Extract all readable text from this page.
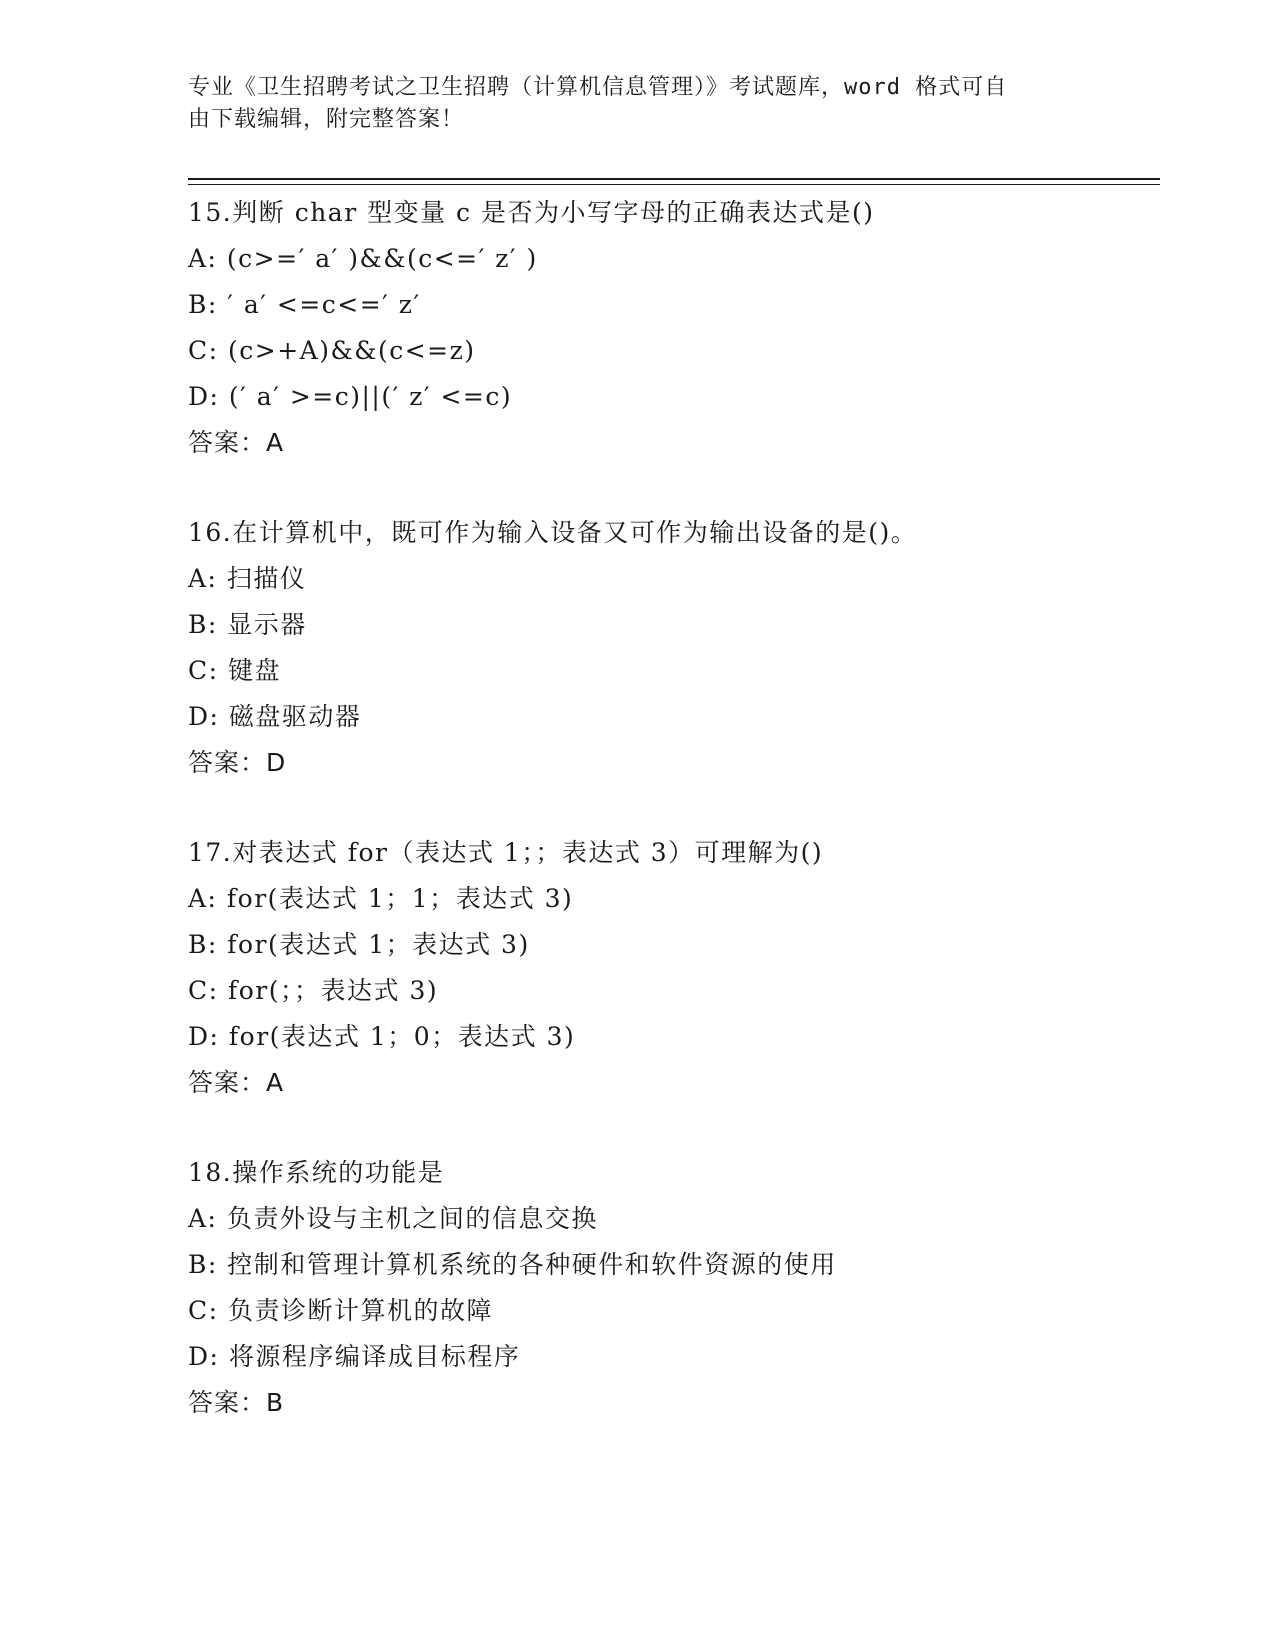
专业《卫生招聘考试之卫生招聘（计算机信息管理）》考试题库，word 格式可自
由下载编辑，附完整答案！
15.判断 char 型变量 c 是否为小写字母的正确表达式是()
A: (c>=′ a′ )&&(c<=′ z′ )
B: ′ a′ <=c<=′ z′
C: (c>+A)&&(c<=z)
D: (′ a′ >=c)||(′ z′ <=c)
答案：A
16.在计算机中，既可作为输入设备又可作为输出设备的是()。
A: 扫描仪
B: 显示器
C: 键盘
D: 磁盘驱动器
答案：D
17.对表达式 for（表达式 1；；表达式 3）可理解为()
A: for(表达式 1；1；表达式 3)
B: for(表达式 1；表达式 3)
C: for(；；表达式 3)
D: for(表达式 1；0；表达式 3)
答案：A
18.操作系统的功能是
A: 负责外设与主机之间的信息交换
B: 控制和管理计算机系统的各种硬件和软件资源的使用
C: 负责诊断计算机的故障
D: 将源程序编译成目标程序
答案：B
